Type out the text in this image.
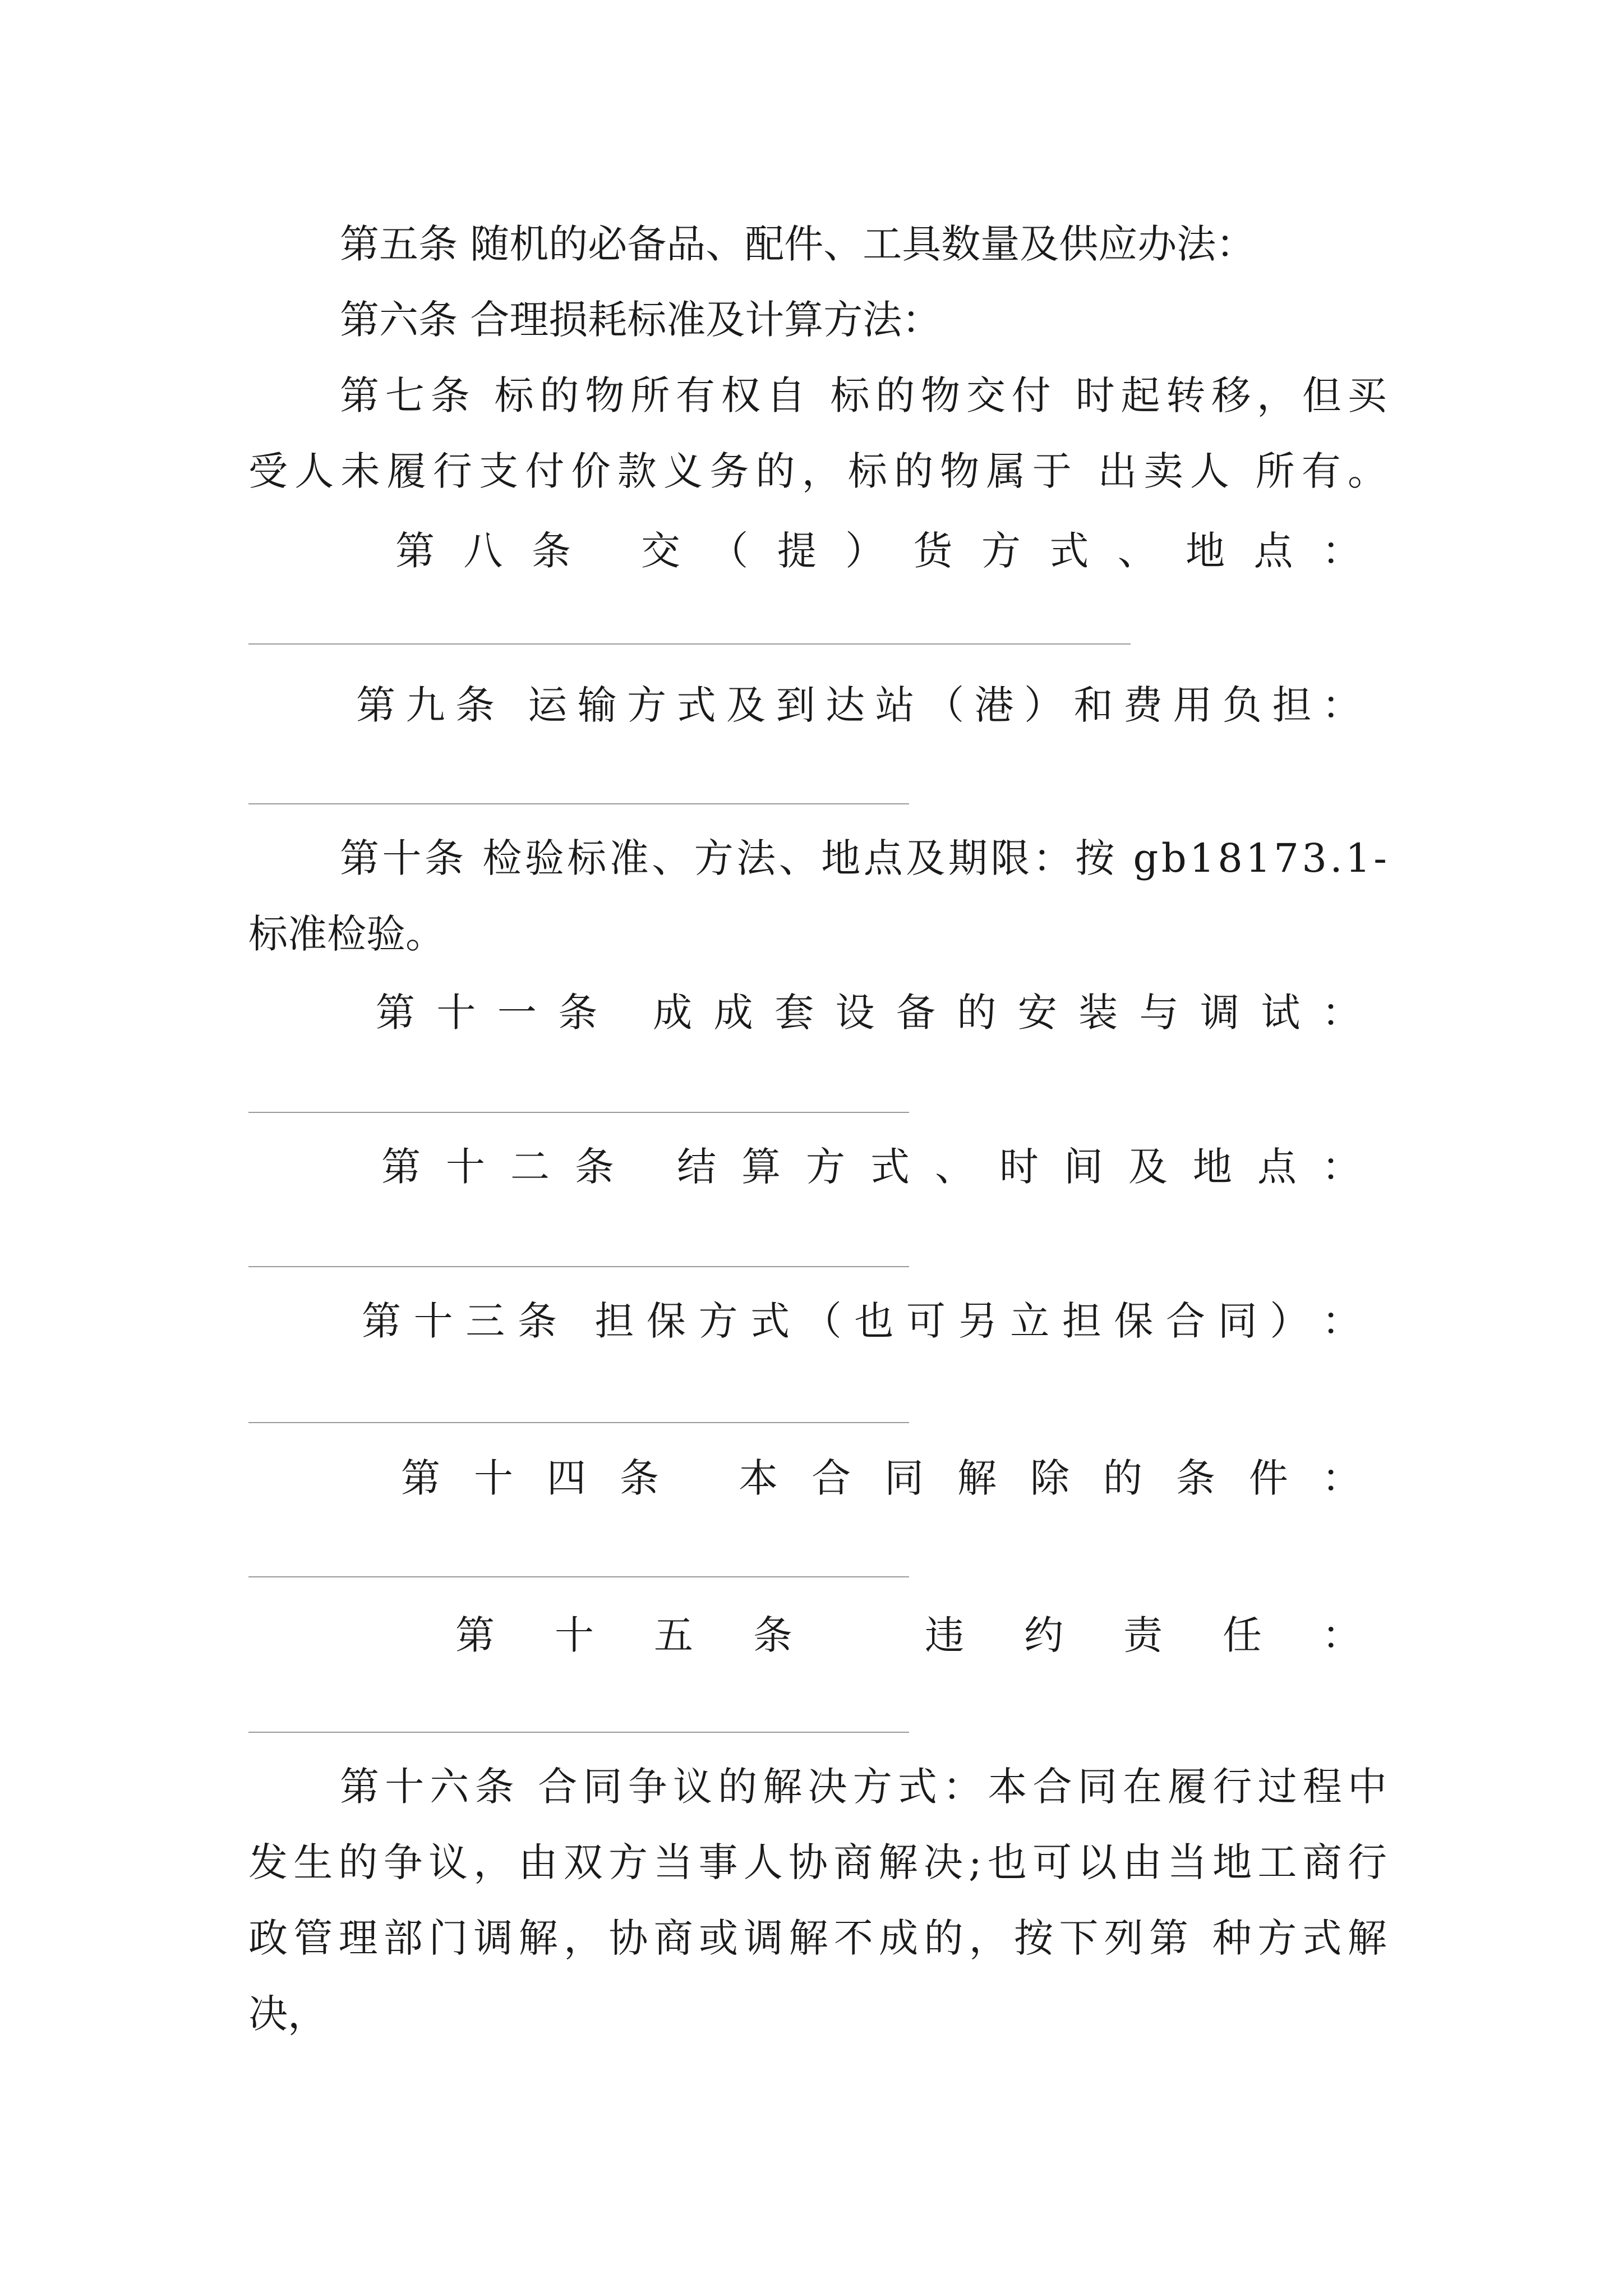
第五条 随机的必备品、配件、工具数量及供应办法：
第六条 合理损耗标准及计算方法：
第 七 条
标 的 物 所 有 权 自
标 的 物 交 付
时 起 转 移 ， 但 买
受 人 未 履 行 支 付 价 款 义 务 的 ， 标 的 物 属 于
出 卖 人
所 有 。
第 八 条
交 （ 提 ） 货 方 式 、 地 点 ：
第 九 条
运 输 方 式 及 到 达 站 （ 港 ） 和 费 用 负 担 ：
第 十 条
检 验 标 准 、 方 法 、 地 点 及 期 限 ： 按
g b 1 8 1 7 3 . 1 -
标准检验。
第 十 一 条
成 成 套 设 备 的 安 装 与 调 试 ：
第 十 二 条
结 算 方 式 、 时 间 及 地 点 ：
第 十 三 条
担 保 方 式 （ 也 可 另 立 担 保 合 同 ） ：
第 十 四 条
本 合 同 解 除 的 条 件 ：
第 十 五 条
	违 约 责 任 ：
第 十 六 条
合 同 争 议 的 解 决 方 式 ： 本 合 同 在 履 行 过 程 中
发 生 的 争 议 ， 由 双 方 当 事 人 协 商 解 决 ; 也 可 以 由 当 地 工 商 行
政 管 理 部 门 调 解 ， 协 商 或 调 解 不 成 的 ， 按 下 列 第
种 方 式 解
决，
